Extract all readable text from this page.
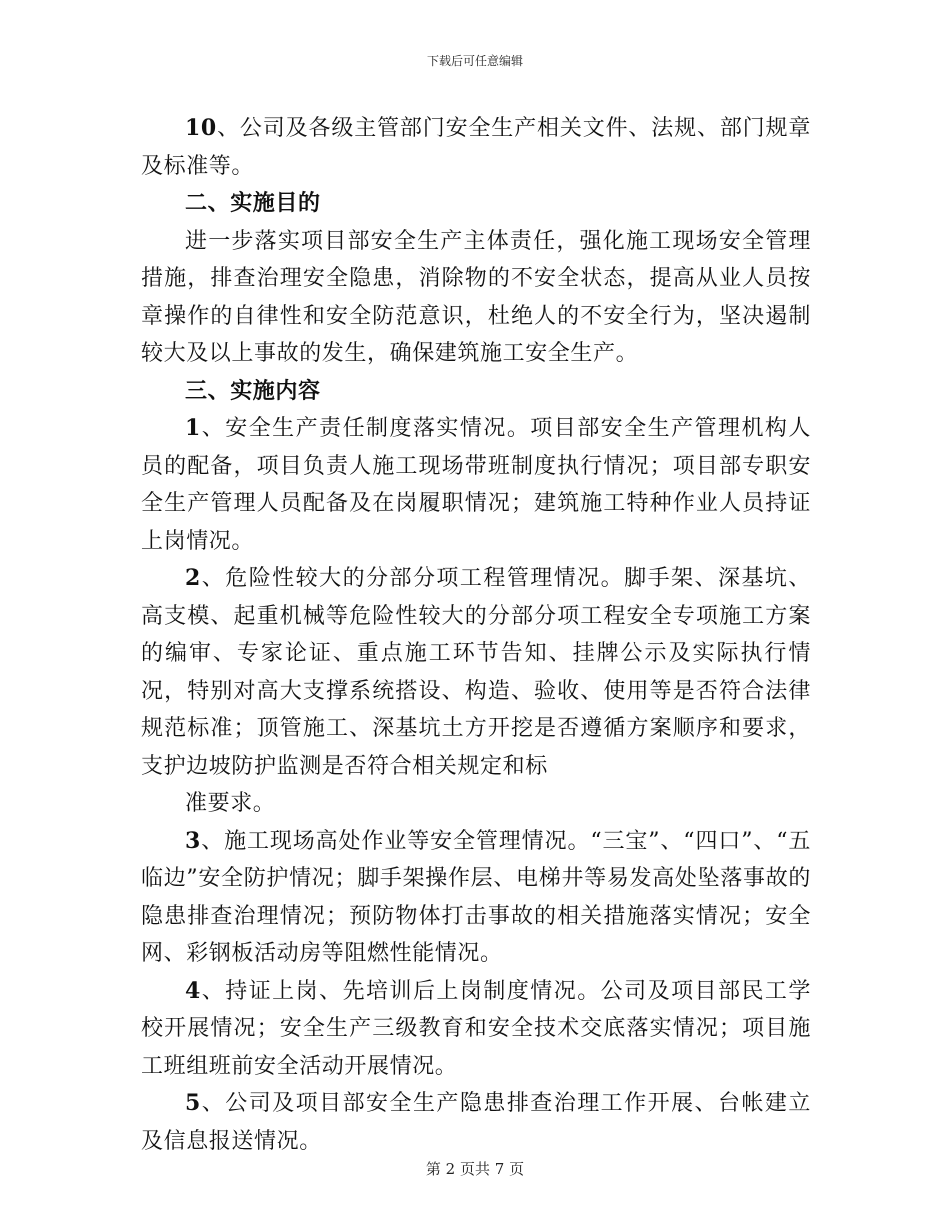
下载后可任意编辑

10、公司及各级主管部门安全生产相关文件、法规、部门规章及标准等。

二、实施目的

进一步落实项目部安全生产主体责任，强化施工现场安全管理措施，排查治理安全隐患，消除物的不安全状态，提高从业人员按章操作的自律性和安全防范意识，杜绝人的不安全行为，坚决遏制较大及以上事故的发生，确保建筑施工安全生产。

三、实施内容

1、安全生产责任制度落实情况。项目部安全生产管理机构人员的配备，项目负责人施工现场带班制度执行情况；项目部专职安全生产管理人员配备及在岗履职情况；建筑施工特种作业人员持证上岗情况。

2、危险性较大的分部分项工程管理情况。脚手架、深基坑、高支模、起重机械等危险性较大的分部分项工程安全专项施工方案的编审、专家论证、重点施工环节告知、挂牌公示及实际执行情况，特别对高大支撑系统搭设、构造、验收、使用等是否符合法律规范标准；顶管施工、深基坑土方开挖是否遵循方案顺序和要求，支护边坡防护监测是否符合相关规定和标

准要求。

3、施工现场高处作业等安全管理情况。“三宝”、“四口”、“五临边”安全防护情况；脚手架操作层、电梯井等易发高处坠落事故的隐患排查治理情况；预防物体打击事故的相关措施落实情况；安全网、彩钢板活动房等阻燃性能情况。

4、持证上岗、先培训后上岗制度情况。公司及项目部民工学校开展情况；安全生产三级教育和安全技术交底落实情况；项目施工班组班前安全活动开展情况。

5、公司及项目部安全生产隐患排查治理工作开展、台帐建立及信息报送情况。

第 2 页共 7 页
